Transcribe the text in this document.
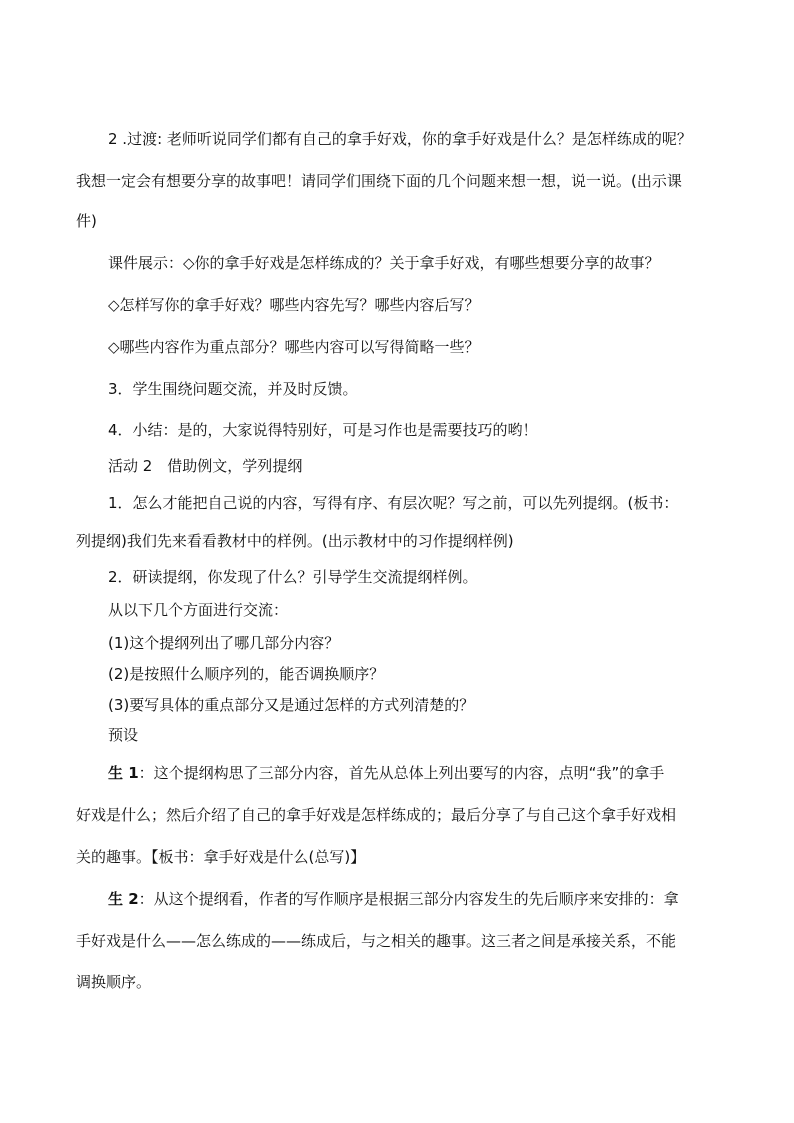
2 .过渡: 老师听说同学们都有自己的拿手好戏，你的拿手好戏是什么？是怎样练成的呢？
我想一定会有想要分享的故事吧！请同学们围绕下面的几个问题来想一想，说一说。(出示课
件)
课件展示：◇你的拿手好戏是怎样练成的？关于拿手好戏，有哪些想要分享的故事？
◇怎样写你的拿手好戏？哪些内容先写？哪些内容后写？
◇哪些内容作为重点部分？哪些内容可以写得简略一些？
3．学生围绕问题交流，并及时反馈。
4．小结：是的，大家说得特别好，可是习作也是需要技巧的哟！
活动 2　借助例文，学列提纲
1．怎么才能把自己说的内容，写得有序、有层次呢？写之前，可以先列提纲。(板书：
列提纲)我们先来看看教材中的样例。(出示教材中的习作提纲样例)
2．研读提纲，你发现了什么？引导学生交流提纲样例。
从以下几个方面进行交流：
(1)这个提纲列出了哪几部分内容？
(2)是按照什么顺序列的，能否调换顺序？
(3)要写具体的重点部分又是通过怎样的方式列清楚的？
预设
生 1：这个提纲构思了三部分内容，首先从总体上列出要写的内容，点明“我”的拿手
好戏是什么；然后介绍了自己的拿手好戏是怎样练成的；最后分享了与自己这个拿手好戏相
关的趣事。【板书：拿手好戏是什么(总写)】
生 2：从这个提纲看，作者的写作顺序是根据三部分内容发生的先后顺序来安排的：拿
手好戏是什么——怎么练成的——练成后，与之相关的趣事。这三者之间是承接关系，不能
调换顺序。
